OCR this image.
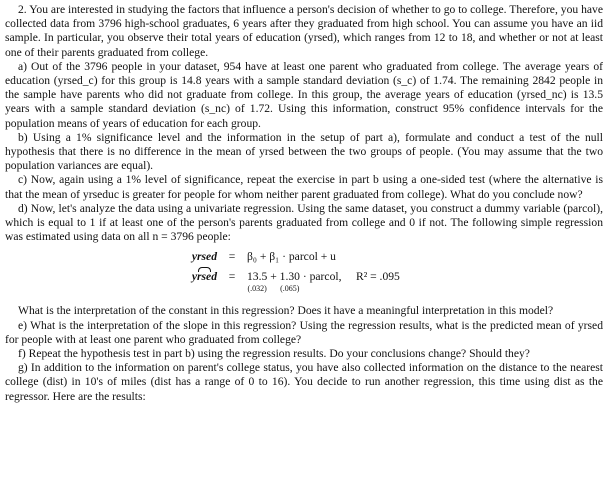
2. You are interested in studying the factors that influence a person's decision of whether to go to college. Therefore, you have collected data from 3796 high-school graduates, 6 years after they graduated from high school. You can assume you have an iid sample. In particular, you observe their total years of education (yrsed), which ranges from 12 to 18, and whether or not at least one of their parents graduated from college.

a) Out of the 3796 people in your dataset, 954 have at least one parent who graduated from college. The average years of education (yrsed_c) for this group is 14.8 years with a sample standard deviation (s_c) of 1.74. The remaining 2842 people in the sample have parents who did not graduate from college. In this group, the average years of education (yrsed_nc) is 13.5 years with a sample standard deviation (s_nc) of 1.72. Using this information, construct 95% confidence intervals for the population means of years of education for each group.

b) Using a 1% significance level and the information in the setup of part a), formulate and conduct a test of the null hypothesis that there is no difference in the mean of yrsed between the two groups of people. (You may assume that the two population variances are equal).

c) Now, again using a 1% level of significance, repeat the exercise in part b using a one-sided test (where the alternative is that the mean of yrseduc is greater for people for whom neither parent graduated from college). What do you conclude now?

d) Now, let's analyze the data using a univariate regression. Using the same dataset, you construct a dummy variable (parcol), which is equal to 1 if at least one of the person's parents graduated from college and 0 if not. The following simple regression was estimated using data on all n = 3796 people:

yrsed	=	β₀ + β₁ · parcol + u
yrsed	=	13.5
(.032)
+ 1.30
(.065)
· parcol, R² = .095

What is the interpretation of the constant in this regression? Does it have a meaningful interpretation in this model?

e) What is the interpretation of the slope in this regression? Using the regression results, what is the predicted mean of yrsed for people with at least one parent who graduated from college?

f) Repeat the hypothesis test in part b) using the regression results. Do your conclusions change? Should they?

g) In addition to the information on parent's college status, you have also collected information on the distance to the nearest college (dist) in 10's of miles (dist has a range of 0 to 16). You decide to run another regression, this time using dist as the regressor. Here are the results:
